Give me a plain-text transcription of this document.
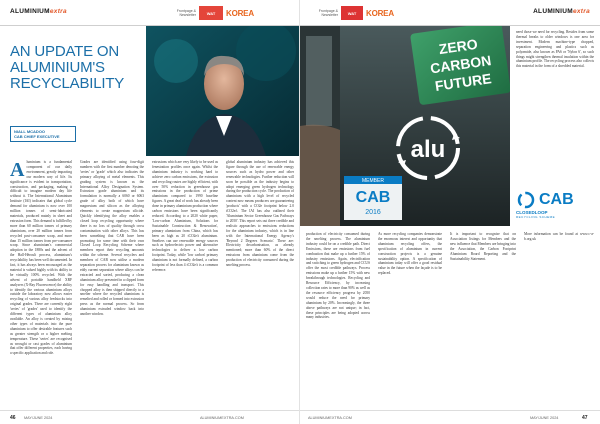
ALUMINIUMextra	Frontpage & Newsletter	WAT	KOREA
AN UPDATE ON ALUMINIUM'S RECYCLABILITY
NIALL MCADOO
CAB CHIEF EXECUTIVE
Aluminium is a fundamental component of our daily environment, greatly impacting our modern way of life. Its significance is evident in transportation, construction, and packaging, making it difficult to imagine modern day life without it. The International Aluminium Institute (IAI) indicates that global cycle demand for aluminium is now over 100 million tonnes of semi-fabricated materials, produced mainly in sheet and extrusion form. This demand is fulfilled by more than 60 million tonnes of primary aluminium, over 20 million tonnes from recycled post-consumer scrap, and more than 15 million tonnes from pre-consumer scrap. Since aluminium's commercial adoption in the 1880s and the advent of the Hall-Héroult process, aluminium's recyclability has been well documented. In fact, it has always been encouraged as the material is valued highly with its ability to be virtually 100% recycled. With the advent of portable handheld XRF analysers (X-Ray Fluorescence) the ability to identify the various aluminium alloys outside the laboratory now allows easier recycling of various alloy feedstocks into original grades. There are currently eight 'series' of 'grades' used to identify the different types of aluminium alloy available. An alloy is created by mixing other types of materials into the pure aluminium to offer desirable features such as greater strength or a higher melting temperature. These 'series' are recognised as wrought or cast grades of aluminium that offer different properties, each having a specific application and role.
Grades are identified using four-digit numbers with the first number denoting the 'series' or 'grade' which also indicates the primary alloying of metal elements. This grading system is known as the International Alloy Designation System. Extrusion grade aluminium and its formulation is normally a 6060 or 6063 grade of alloy both of which have magnesium and silicon as the alloying elements to create magnesium silicide. Quickly identifying the alloy enables a closed loop recycling opportunity where there is no loss of quality through cross contamination with other alloys. This has been something that CAB have been promoting for some time with their own Closed Loop Recycling Scheme where members report their recycling amounts within the scheme. Several recyclers and members of CAB now utilise a modern separation process for aluminium known as eddy current separation where alloys can be extracted and sorted, producing a clean aluminium alloy presented in a clipped form for easy handling and transport. This chopped alloy is then shipped directly to a smelter where the recycled aluminium is remelted and rolled or formed into extrusion press as the normal process. So from aluminium extruded window back into another window.
extrusions which are very likely to be used as fenestration profiles once again. Whilst the aluminium industry is working hard to achieve zero carbon emissions, the extrusion and recycling routes are highly efficient, with over 50% reduction in greenhouse gas emissions in the production of prime aluminium compared to 1990 baseline figures. A great deal of work has already been done in primary aluminium production where carbon emissions have been significantly reduced. According to a 2020 white paper, 'Low-carbon Aluminium, Solutions for Sustainable Construction & Renovation', primary aluminium from China, which has been as high as 20 tCO2e/t aluminium. Smelters can use renewable energy sources such as hydroelectric power and alternative technologies to deliver a low carbon footprint. Today, while 'low carbon' primary aluminium is not formally defined, a carbon footprint of less than 4 tCO2e/t is a common reference.
global aluminium industry has achieved this figure through the use of renewable energy sources such as hydro power and other renewable technologies. Further reduction will soon be possible as the industry begins to adopt emerging green hydrogen technology during the production cycle. The production of aluminium with a high level of recycled content now means producers are guaranteeing 'products' with a CO2e footprint below 2.0 tCO2e/t. The IAI has also outlined their 'Aluminium Sector Greenhouse Gas Pathways to 2050'. This report sets out three credible and realistic approaches to emissions reductions for the aluminium industry, which is in line with the International Energy Agency's 'Beyond 2 Degrees Scenario'. These are: Electricity decarbonisation, as already mentioned; more than 60% of the direct emissions from aluminium come from the production of electricity consumed during the smelting process.
46 MAY/JUNE 2024	ALUMINIUMEXTRA.COM
Frontpage & Newsletter	WAT	KOREA	ALUMINIUMextra
ZERO
CARBON
FUTURE
alu
MEMBER
CAB
2016
CAB
CLOSEDLOOP
RECYCLING SCHEME
production of electricity consumed during the smelting process. The aluminium industry could be on a credible path. Direct Emissions, these are emissions from fuel combustion that make up a further 15% of industry emissions. Again, electrification and switching to green hydrogen and CCUS offer the most credible pathways. Process emissions make up a further 15% with new breakthrough technologies. Recycling and Resource Efficiency, by increasing collection rates to more than 90% as well as the resource efficiency progress by 2050 would reduce the need for primary aluminium by 20%. Increasingly, the three above pathways are not unique; in fact, these principles are being adopted across many industries.
As more recycling companies demonstrate the enormous interest and opportunity that aluminium recycling offers, the specification of aluminium in current construction projects is a genuine sustainability option. A specification of aluminium today will offer a good residual value in the future when the façade is to be replaced.
need those we need for recycling. Resides from some thermal breaks to older windows is one area for investment. Modern machine-type chopped, separation engineering and plastics such as polyamide, also known as PA6 or 'Nylon 6', so such things might strengthen thermal insulation within the aluminium profile. The recycling process also collects this material in the form of a shredded material.
It is important to recognise that on Association listings for Members and the new influence that Members are bringing into the Association, the Carbon Footprint Aluminium Board Reporting and the Sustainability Statement.
More information can be found at www.c-a-b.org.uk
ALUMINIUMEXTRA.COM	MAY/JUNE 2024	47
